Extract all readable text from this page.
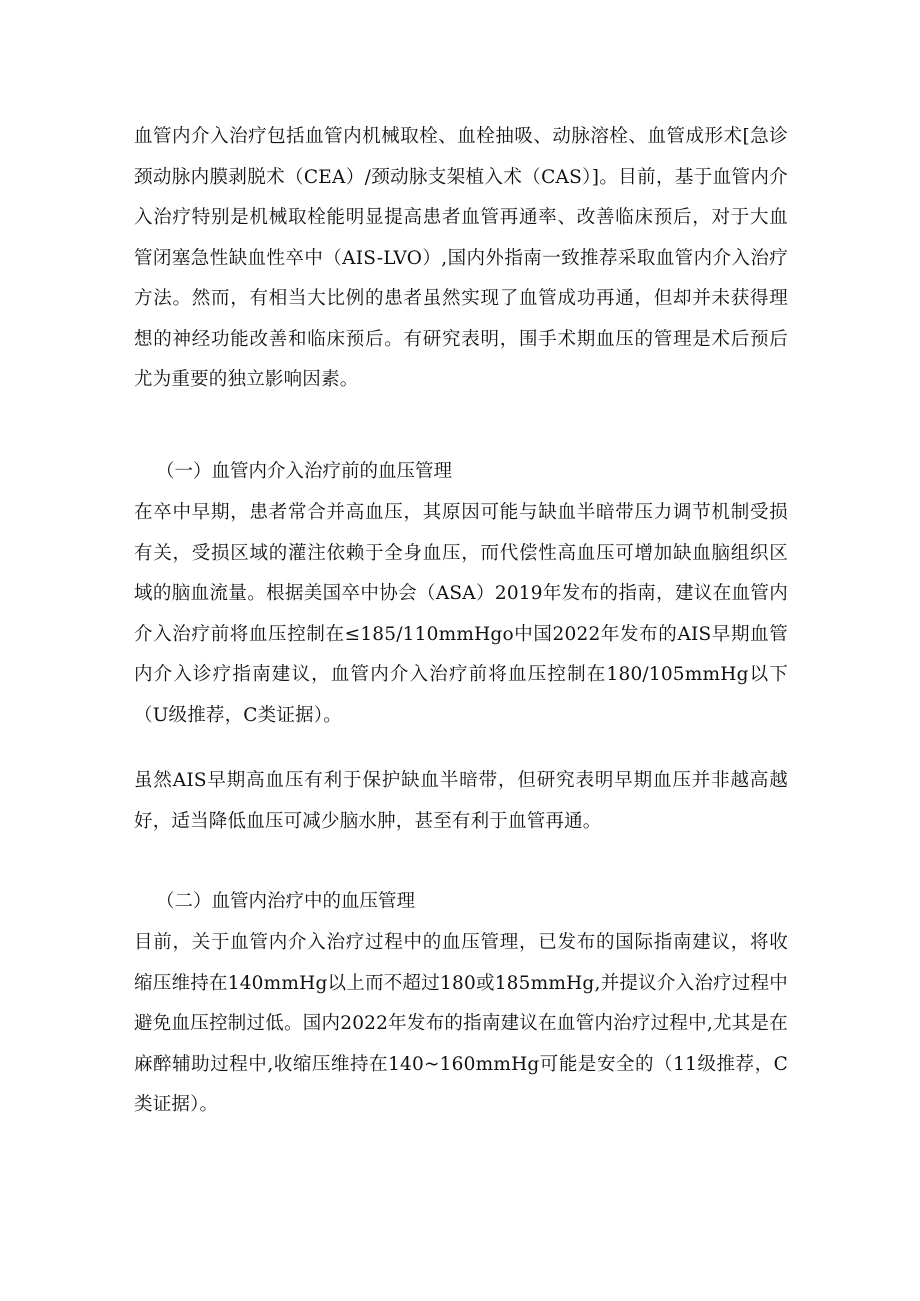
血管内介入治疗包括血管内机械取栓、血栓抽吸、动脉溶栓、血管成形术[急诊颈动脉内膜剥脱术（CEA）/颈动脉支架植入术（CAS）]。目前，基于血管内介入治疗特别是机械取栓能明显提高患者血管再通率、改善临床预后，对于大血管闭塞急性缺血性卒中（AIS-LVO）,国内外指南一致推荐采取血管内介入治疗方法。然而，有相当大比例的患者虽然实现了血管成功再通，但却并未获得理想的神经功能改善和临床预后。有研究表明，围手术期血压的管理是术后预后尤为重要的独立影响因素。

（一）血管内介入治疗前的血压管理

在卒中早期，患者常合并高血压，其原因可能与缺血半暗带压力调节机制受损有关，受损区域的灌注依赖于全身血压，而代偿性高血压可增加缺血脑组织区域的脑血流量。根据美国卒中协会（ASA）2019年发布的指南，建议在血管内介入治疗前将血压控制在≤185/110mmHgo中国2022年发布的AIS早期血管内介入诊疗指南建议，血管内介入治疗前将血压控制在180/105mmHg以下（U级推荐，C类证据）。

虽然AIS早期高血压有利于保护缺血半暗带，但研究表明早期血压并非越高越好，适当降低血压可减少脑水肿，甚至有利于血管再通。

（二）血管内治疗中的血压管理

目前，关于血管内介入治疗过程中的血压管理，已发布的国际指南建议，将收缩压维持在140mmHg以上而不超过180或185mmHg,并提议介入治疗过程中避免血压控制过低。国内2022年发布的指南建议在血管内治疗过程中,尤其是在麻醉辅助过程中,收缩压维持在140~160mmHg可能是安全的（11级推荐，C类证据）。
